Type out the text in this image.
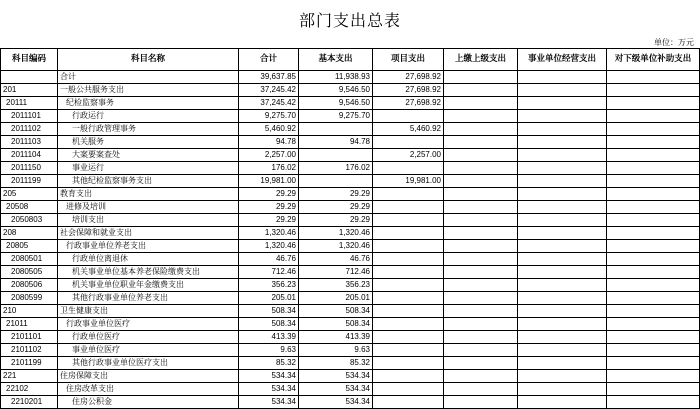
部门支出总表
单位：万元
科目编码	科目名称	合计	基本支出	项目支出	上缴上级支出	事业单位经营支出	对下级单位补助支出
	合计	39,637.85	11,938.93	27,698.92			
201	一般公共服务支出	37,245.42	9,546.50	27,698.92			
20111	纪检监察事务	37,245.42	9,546.50	27,698.92			
2011101	行政运行	9,275.70	9,275.70				
2011102	一般行政管理事务	5,460.92		5,460.92			
2011103	机关服务	94.78	94.78				
2011104	大案要案查处	2,257.00		2,257.00			
2011150	事业运行	176.02	176.02				
2011199	其他纪检监察事务支出	19,981.00		19,981.00			
205	教育支出	29.29	29.29				
20508	进修及培训	29.29	29.29				
2050803	培训支出	29.29	29.29				
208	社会保障和就业支出	1,320.46	1,320.46				
20805	行政事业单位养老支出	1,320.46	1,320.46				
2080501	行政单位离退休	46.76	46.76				
2080505	机关事业单位基本养老保险缴费支出	712.46	712.46				
2080506	机关事业单位职业年金缴费支出	356.23	356.23				
2080599	其他行政事业单位养老支出	205.01	205.01				
210	卫生健康支出	508.34	508.34				
21011	行政事业单位医疗	508.34	508.34				
2101101	行政单位医疗	413.39	413.39				
2101102	事业单位医疗	9.63	9.63				
2101199	其他行政事业单位医疗支出	85.32	85.32				
221	住房保障支出	534.34	534.34				
22102	住房改革支出	534.34	534.34				
2210201	住房公积金	534.34	534.34				
